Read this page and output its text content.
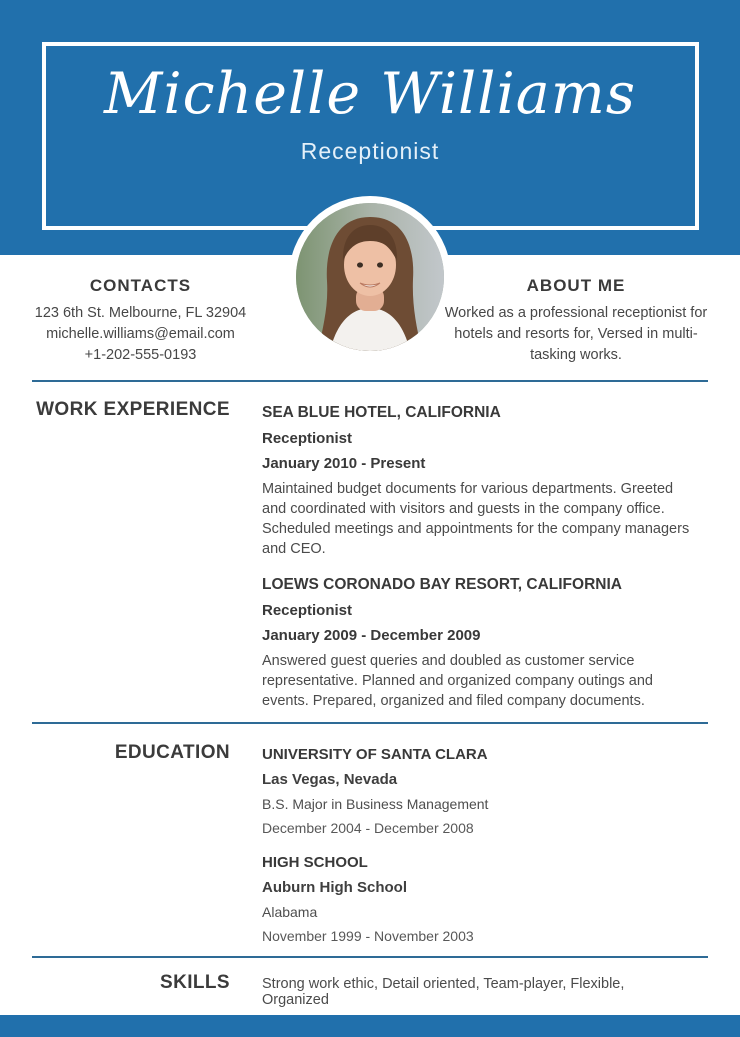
Michelle Williams
Receptionist
CONTACTS
123 6th St. Melbourne, FL 32904
michelle.williams@email.com
+1-202-555-0193
ABOUT ME

Worked as a professional receptionist for hotels and resorts for, Versed in multi-tasking works.

WORK EXPERIENCE SEA BLUE HOTEL, CALIFORNIA
Receptionist
January 2010 - Present

Maintained budget documents for various departments. Greeted and coordinated with visitors and guests in the company office. Scheduled meetings and appointments for the company managers and CEO.

LOEWS CORONADO BAY RESORT, CALIFORNIA
Receptionist
January 2009 - December 2009

Answered guest queries and doubled as customer service representative. Planned and organized company outings and events. Prepared, organized and filed company documents.

EDUCATION UNIVERSITY OF SANTA CLARA
Las Vegas, Nevada
B.S. Major in Business Management
December 2004 - December 2008
HIGH SCHOOL
Auburn High School
Alabama
November 1999 - November 2003
SKILLS Strong work ethic, Detail oriented, Team-player, Flexible, Organized
